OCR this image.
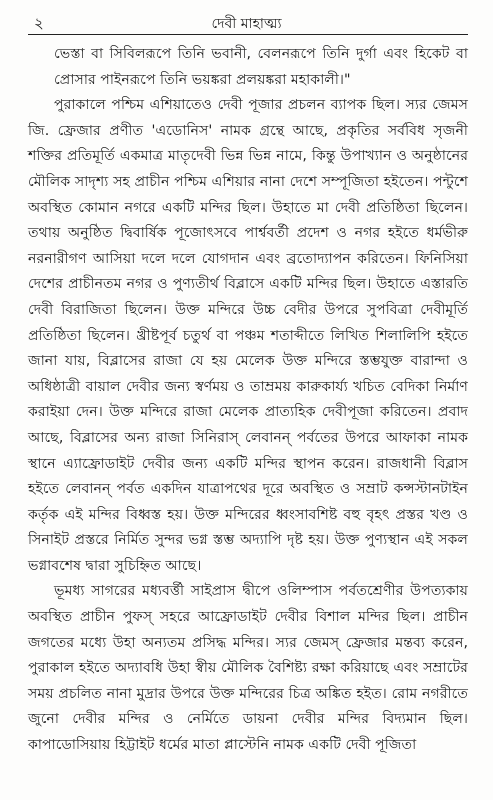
২	দেবী মাহাত্ম্য

ভেস্তা বা সিবিলরূপে তিনি ভবানী, বেলনরূপে তিনি দুর্গা এবং হিকেট বা প্রোসার পাইনরূপে তিনি ভয়ঙ্করা প্রলয়ঙ্করা মহাকালী।"

পুরাকালে পশ্চিম এশিয়াতেও দেবী পূজার প্রচলন ব্যাপক ছিল। স্যর জেমস জি. ফ্রেজার প্রণীত 'এডোনিস' নামক গ্রন্থে আছে, প্রকৃতির সর্ববিধ সৃজনী শক্তির প্রতিমূর্তি একমাত্র মাতৃদেবী ভিন্ন ভিন্ন নামে, কিন্তু উপাখ্যান ও অনুষ্ঠানের মৌলিক সাদৃশ্য সহ প্রাচীন পশ্চিম এশিয়ার নানা দেশে সম্পূজিতা হইতেন। পন্টুশে অবস্থিত কোমান নগরে একটি মন্দির ছিল। উহাতে মা দেবী প্রতিষ্ঠিতা ছিলেন। তথায় অনুষ্ঠিত দ্বিবার্ষিক পূজোৎসবে পার্শ্ববর্তী প্রদেশ ও নগর হইতে ধর্মভীরু নরনারীগণ আসিয়া দলে দলে যোগদান এবং ব্রতোদ্যাপন করিতেন। ফিনিসিয়া দেশের প্রাচীনতম নগর ও পুণ্যতীর্থ বিব্লাসে একটি মন্দির ছিল। উহাতে এস্তারতি দেবী বিরাজিতা ছিলেন। উক্ত মন্দিরে উচ্চ বেদীর উপরে সুপবিত্রা দেবীমূর্তি প্রতিষ্ঠিতা ছিলেন। খ্রীষ্টপূর্ব চতুর্থ বা পঞ্চম শতাব্দীতে লিখিত শিলালিপি হইতে জানা যায়, বিব্লাসের রাজা যে হয় মেলেক উক্ত মন্দিরে স্তম্ভযুক্ত বারান্দা ও অধিষ্ঠাত্রী বায়াল দেবীর জন্য স্বর্ণময় ও তাম্রময় কারুকার্য্য খচিত বেদিকা নির্মাণ করাইয়া দেন। উক্ত মন্দিরে রাজা মেলেক প্রাত্যহিক দেবীপূজা করিতেন। প্রবাদ আছে, বিব্লাসের অন্য রাজা সিনিরাস্ লেবানন্ পর্বতের উপরে আফাকা নামক স্থানে এ্যাফ্রোডাইট দেবীর জন্য একটি মন্দির স্থাপন করেন। রাজধানী বিব্লাস হইতে লেবানন্ পর্বত একদিন যাত্রাপথের দূরে অবস্থিত ও সম্রাট কন্সস্টানটাইন কর্তৃক এই মন্দির বিধ্বস্ত হয়। উক্ত মন্দিরের ধ্বংসাবশিষ্ট বহু বৃহৎ প্রস্তর খণ্ড ও সিনাইট প্রস্তরে নির্মিত সুন্দর ভগ্ন স্তম্ভ অদ্যাপি দৃষ্ট হয়। উক্ত পুণ্যস্থান এই সকল ভগ্নাবশেষ দ্বারা সুচিহ্নিত আছে।

ভূমধ্য সাগরের মধ্যবর্ত্তী সাইপ্রাস দ্বীপে ওলিম্পাস পর্বতশ্রেণীর উপত্যকায় অবস্থিত প্রাচীন পুফস্ সহরে আফ্রোডাইট দেবীর বিশাল মন্দির ছিল। প্রাচীন জগতের মধ্যে উহা অন্যতম প্রসিদ্ধ মন্দির। স্যর জেমস্ ফ্রেজার মন্তব্য করেন, পুরাকাল হইতে অদ্যাবধি উহা স্বীয় মৌলিক বৈশিষ্ট্য রক্ষা করিয়াছে এবং সম্রাটের সময় প্রচলিত নানা মুদ্রার উপরে উক্ত মন্দিরের চিত্র অঙ্কিত হইত। রোম নগরীতে জুনো দেবীর মন্দির ও নের্মিতে ডায়না দেবীর মন্দির বিদ্যমান ছিল। কাপাডোসিয়ায় হিট্টাইট ধর্মের মাতা প্লাস্টেনি নামক একটি দেবী পূজিতা
